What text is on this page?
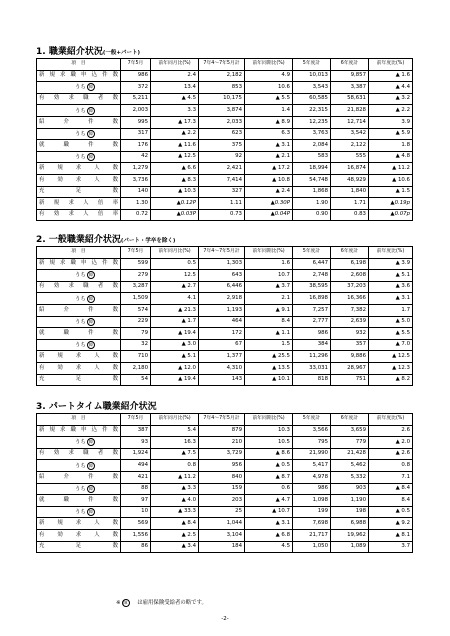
1. 職業紹介状況(一般+パート)
項　目	7年5月	前年同月比(%)	7年4～7年5月計	前年同期比(%)	5年度計	6年度計	前年度比(%)

新規求職申込件数	986	2.4	2,182	4.9	10,013	9,857	▲ 1.6

うち 障	372	13.4	853	10.6	3,543	3,387	▲ 4.4

有効求職者数	5,211	▲ 4.5	10,175	▲ 5.5	60,585	58,631	▲ 3.2

うち 障	2,003	3.3	3,874	1.4	22,315	21,828	▲ 2.2

紹介件数	995	▲ 17.3	2,033	▲ 8.9	12,235	12,714	3.9

うち 障	317	▲ 2.2	623	6.3	3,763	3,542	▲ 5.9

就職件数	176	▲ 11.6	375	▲ 3.1	2,084	2,122	1.8

うち 障	42	▲ 12.5	92	▲ 2.1	583	555	▲ 4.8

新規求人数	1,279	▲ 6.6	2,421	▲ 17.2	18,994	16,874	▲ 11.2

有効求人数	3,736	▲ 8.3	7,414	▲ 10.8	54,748	48,929	▲ 10.6

充足数	140	▲ 10.3	327	▲ 2.4	1,868	1,840	▲ 1.5

新規求人倍率	1.30	▲0.12P	1.11	▲0.30P	1.90	1.71	▲0.19p

有効求人倍率	0.72	▲0.03P	0.73	▲0.04P	0.90	0.83	▲0.07p
2. 一般職業紹介状況(パート・学卒を除く)
項　目	7年5月	前年同月比(%)	7年4～7年5月計	前年同期比(%)	5年度計	6年度計	前年度比(%)

新規求職申込件数	599	0.5	1,303	1.6	6,447	6,198	▲ 3.9

うち 障	279	12.5	643	10.7	2,748	2,608	▲ 5.1

有効求職者数	3,287	▲ 2.7	6,446	▲ 3.7	38,595	37,203	▲ 3.6

うち 障	1,509	4.1	2,918	2.1	16,898	16,366	▲ 3.1

紹介件数	574	▲ 21.3	1,193	▲ 9.1	7,257	7,382	1.7

うち 障	229	▲ 1.7	464	8.4	2,777	2,639	▲ 5.0

就職件数	79	▲ 19.4	172	▲ 1.1	986	932	▲ 5.5

うち 障	32	▲ 3.0	67	1.5	384	357	▲ 7.0

新規求人数	710	▲ 5.1	1,377	▲ 25.5	11,296	9,886	▲ 12.5

有効求人数	2,180	▲ 12.0	4,310	▲ 13.5	33,031	28,967	▲ 12.3

充足数	54	▲ 19.4	143	▲ 10.1	818	751	▲ 8.2
3. パートタイム職業紹介状況
項　目	7年5月	前年同月比(%)	7年4～7年5月計	前年同期比(%)	5年度計	6年度計	前年度比(%)

新規求職申込件数	387	5.4	879	10.3	3,566	3,659	2.6

うち 障	93	16.3	210	10.5	795	779	▲ 2.0

有効求職者数	1,924	▲ 7.5	3,729	▲ 8.6	21,990	21,428	▲ 2.6

うち 障	494	0.8	956	▲ 0.5	5,417	5,462	0.8

紹介件数	421	▲ 11.2	840	▲ 8.7	4,978	5,332	7.1

うち 障	88	▲ 3.3	159	0.6	986	903	▲ 8.4

就職件数	97	▲ 4.0	203	▲ 4.7	1,098	1,190	8.4

うち 障	10	▲ 33.3	25	▲ 10.7	199	198	▲ 0.5

新規求人数	569	▲ 8.4	1,044	▲ 3.1	7,698	6,988	▲ 9.2

有効求人数	1,556	▲ 2.5	3,104	▲ 6.8	21,717	19,962	▲ 8.1

充足数	86	▲ 3.4	184	4.5	1,050	1,089	3.7
※ 障 は雇用保険受給者の略です。
-2-
